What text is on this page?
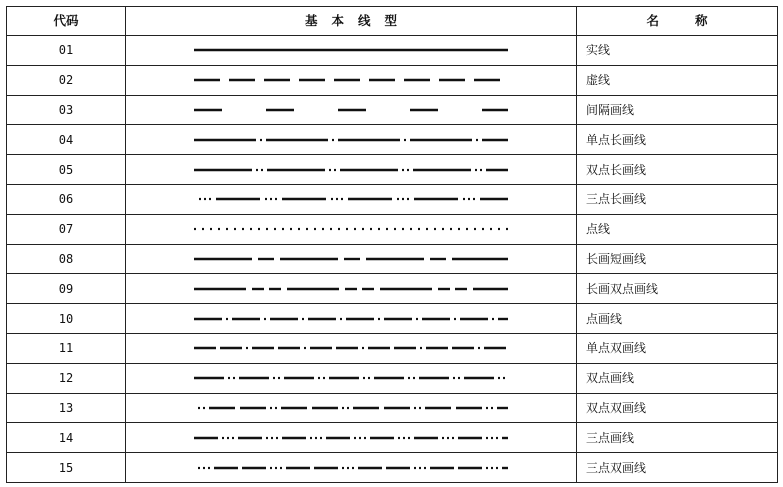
代码	基本线型	名称
01		实线
02		虚线
03		间隔画线
04		单点长画线
05		双点长画线
06		三点长画线
07		点线
08		长画短画线
09		长画双点画线
10		点画线
11		单点双画线
12		双点画线
13		双点双画线
14		三点画线
15		三点双画线
